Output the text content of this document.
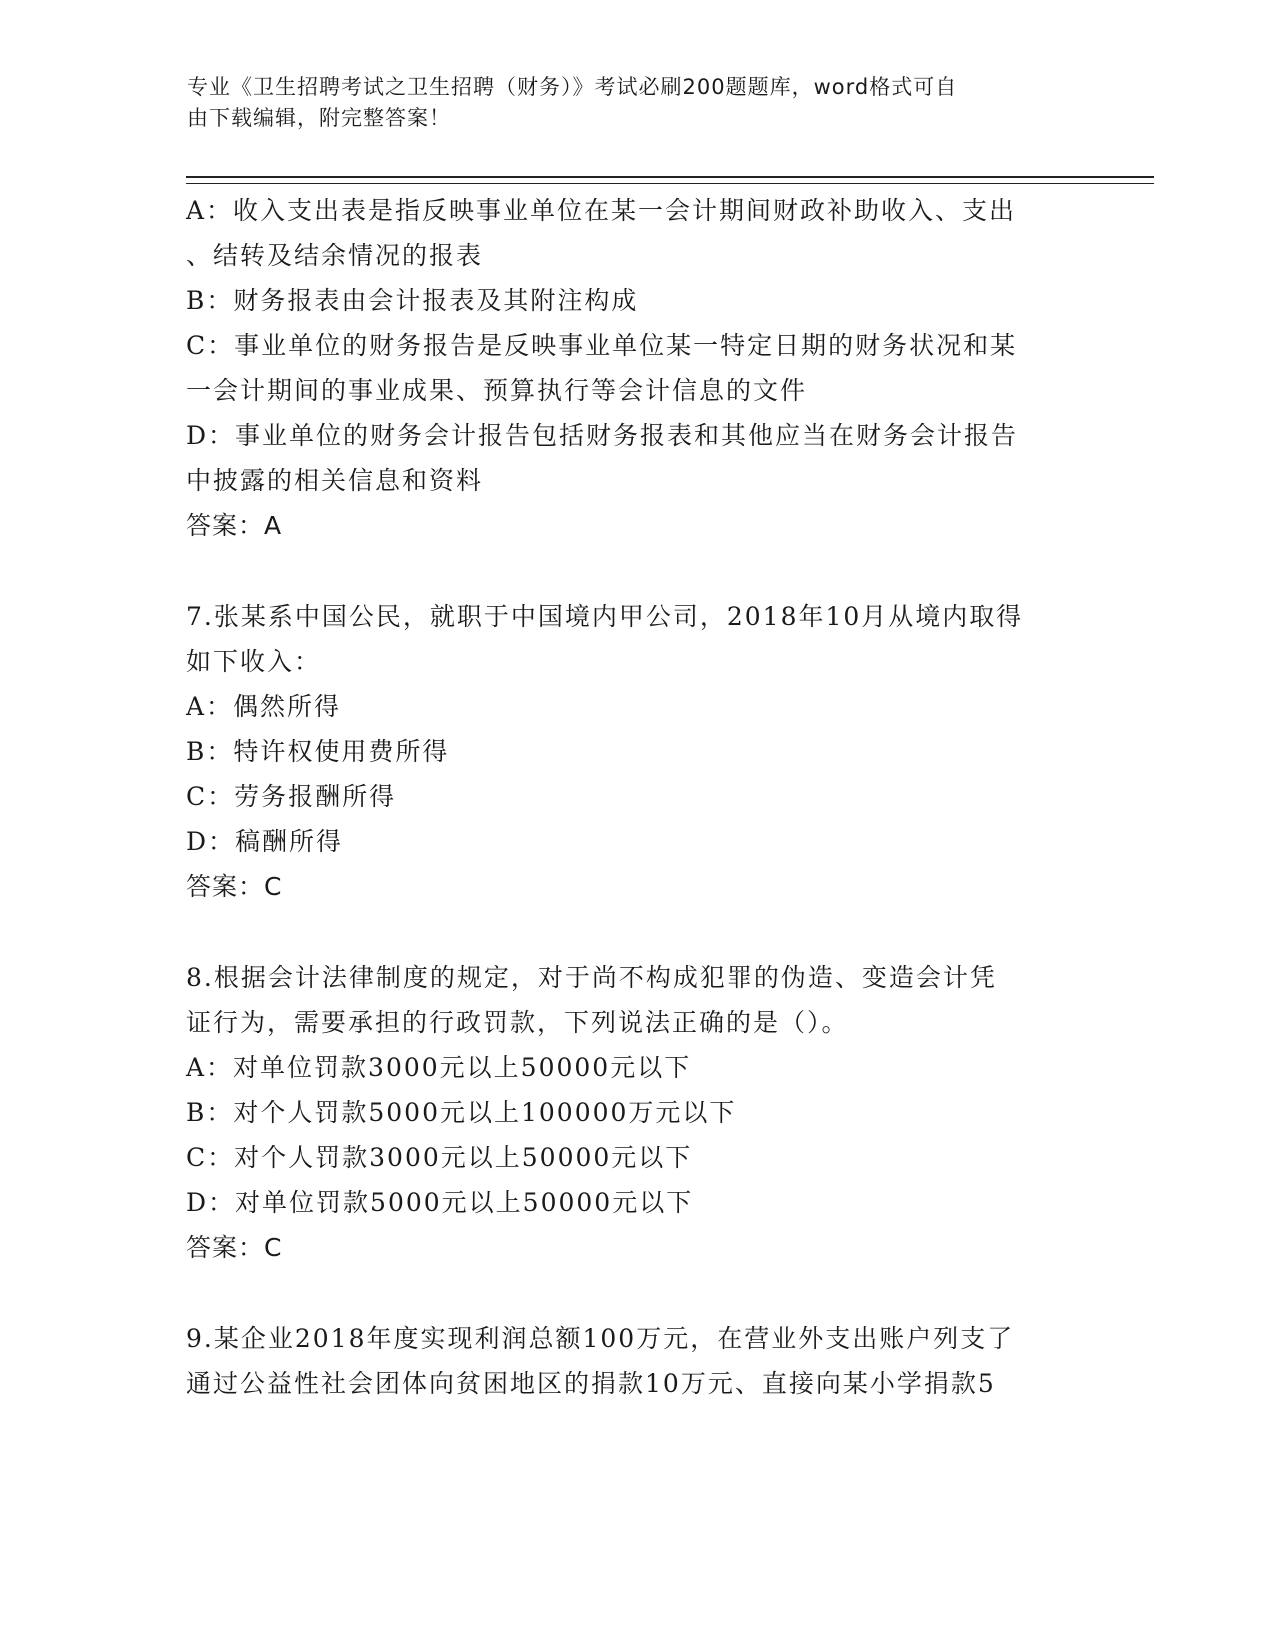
专业《卫生招聘考试之卫生招聘（财务）》考试必刷200题题库，word格式可自
由下载编辑，附完整答案！
A：收入支出表是指反映事业单位在某一会计期间财政补助收入、支出
、结转及结余情况的报表
B：财务报表由会计报表及其附注构成
C：事业单位的财务报告是反映事业单位某一特定日期的财务状况和某
一会计期间的事业成果、预算执行等会计信息的文件
D：事业单位的财务会计报告包括财务报表和其他应当在财务会计报告
中披露的相关信息和资料
答案：A
7.张某系中国公民，就职于中国境内甲公司，2018年10月从境内取得
如下收入：
A：偶然所得
B：特许权使用费所得
C：劳务报酬所得
D：稿酬所得
答案：C
8.根据会计法律制度的规定，对于尚不构成犯罪的伪造、变造会计凭
证行为，需要承担的行政罚款，下列说法正确的是（）。
A：对单位罚款3000元以上50000元以下
B：对个人罚款5000元以上100000万元以下
C：对个人罚款3000元以上50000元以下
D：对单位罚款5000元以上50000元以下
答案：C
9.某企业2018年度实现利润总额100万元，在营业外支出账户列支了
通过公益性社会团体向贫困地区的捐款10万元、直接向某小学捐款5
